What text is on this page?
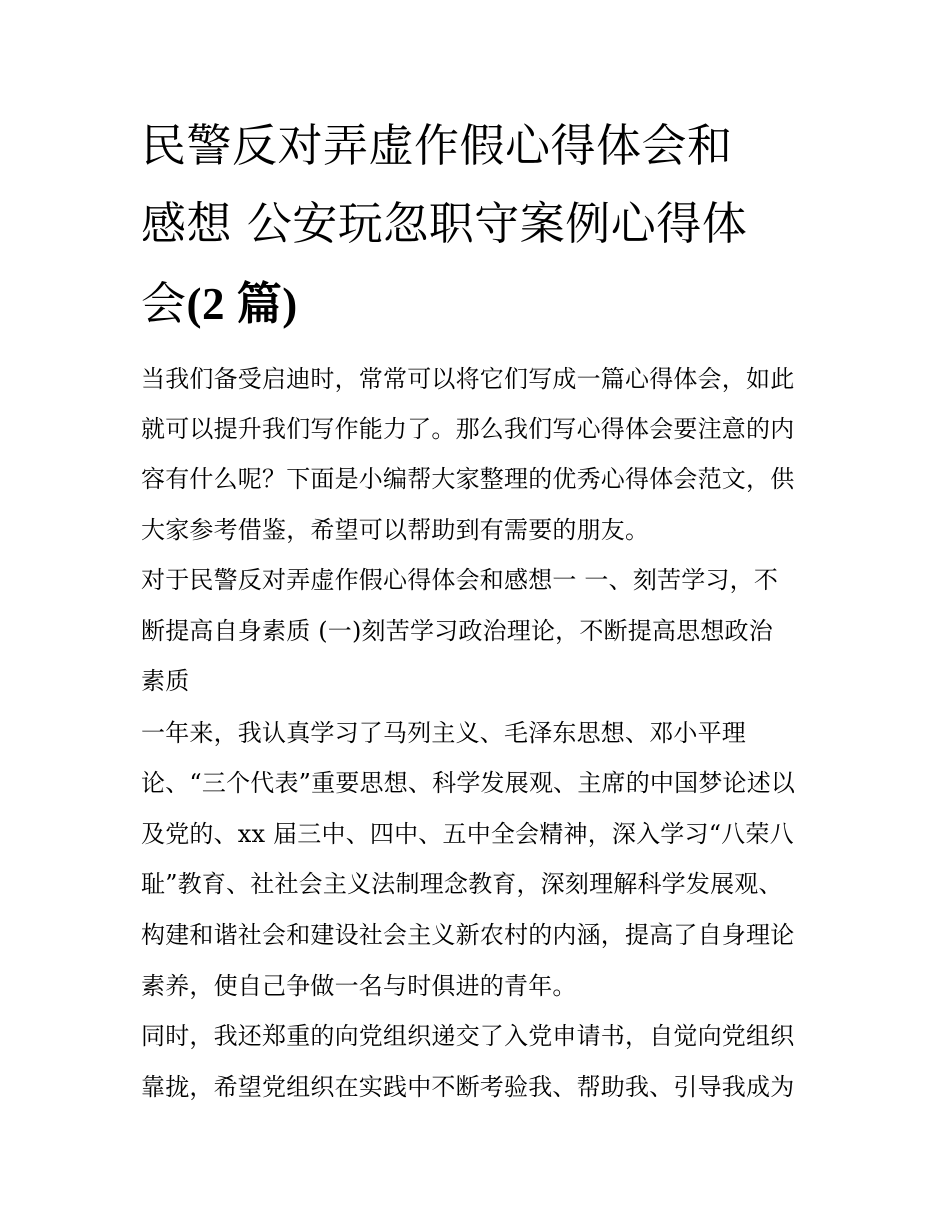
民警反对弄虚作假心得体会和
感想 公安玩忽职守案例心得体
会(2 篇)
当我们备受启迪时，常常可以将它们写成一篇心得体会，如此
就可以提升我们写作能力了。那么我们写心得体会要注意的内
容有什么呢？下面是小编帮大家整理的优秀心得体会范文，供
大家参考借鉴，希望可以帮助到有需要的朋友。
对于民警反对弄虚作假心得体会和感想一 一、刻苦学习，不
断提高自身素质 (一)刻苦学习政治理论，不断提高思想政治
素质
一年来，我认真学习了马列主义、毛泽东思想、邓小平理
论、“三个代表”重要思想、科学发展观、主席的中国梦论述以
及党的、xx 届三中、四中、五中全会精神，深入学习“八荣八
耻”教育、社社会主义法制理念教育，深刻理解科学发展观、
构建和谐社会和建设社会主义新农村的内涵，提高了自身理论
素养，使自己争做一名与时俱进的青年。
同时，我还郑重的向党组织递交了入党申请书，自觉向党组织
靠拢，希望党组织在实践中不断考验我、帮助我、引导我成为
